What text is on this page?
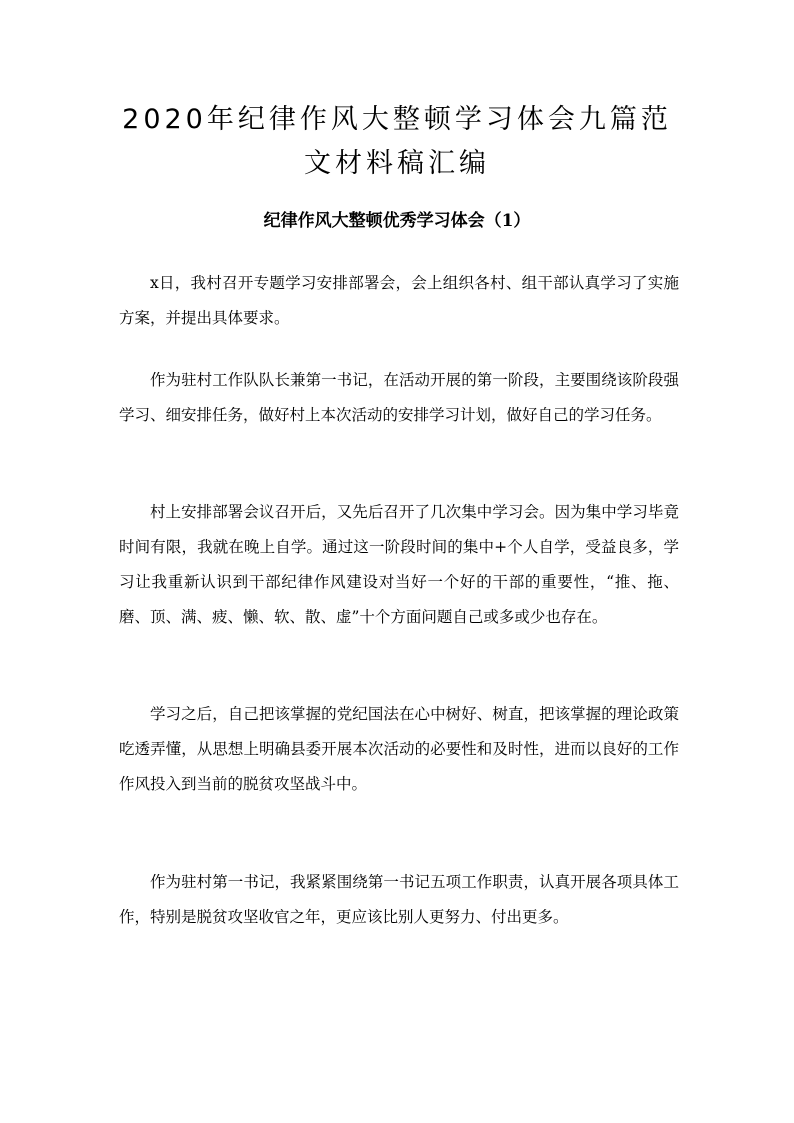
2020年纪律作风大整顿学习体会九篇范
文材料稿汇编
纪律作风大整顿优秀学习体会（1）

x日，我村召开专题学习安排部署会，会上组织各村、组干部认真学习了实施方案，并提出具体要求。

作为驻村工作队队长兼第一书记，在活动开展的第一阶段，主要围绕该阶段强学习、细安排任务，做好村上本次活动的安排学习计划，做好自己的学习任务。

村上安排部署会议召开后，又先后召开了几次集中学习会。因为集中学习毕竟时间有限，我就在晚上自学。通过这一阶段时间的集中+个人自学，受益良多，学习让我重新认识到干部纪律作风建设对当好一个好的干部的重要性，“推、拖、磨、顶、满、疲、懒、软、散、虚”十个方面问题自己或多或少也存在。

学习之后，自己把该掌握的党纪国法在心中树好、树直，把该掌握的理论政策吃透弄懂，从思想上明确县委开展本次活动的必要性和及时性，进而以良好的工作作风投入到当前的脱贫攻坚战斗中。

作为驻村第一书记，我紧紧围绕第一书记五项工作职责，认真开展各项具体工作，特别是脱贫攻坚收官之年，更应该比别人更努力、付出更多。
